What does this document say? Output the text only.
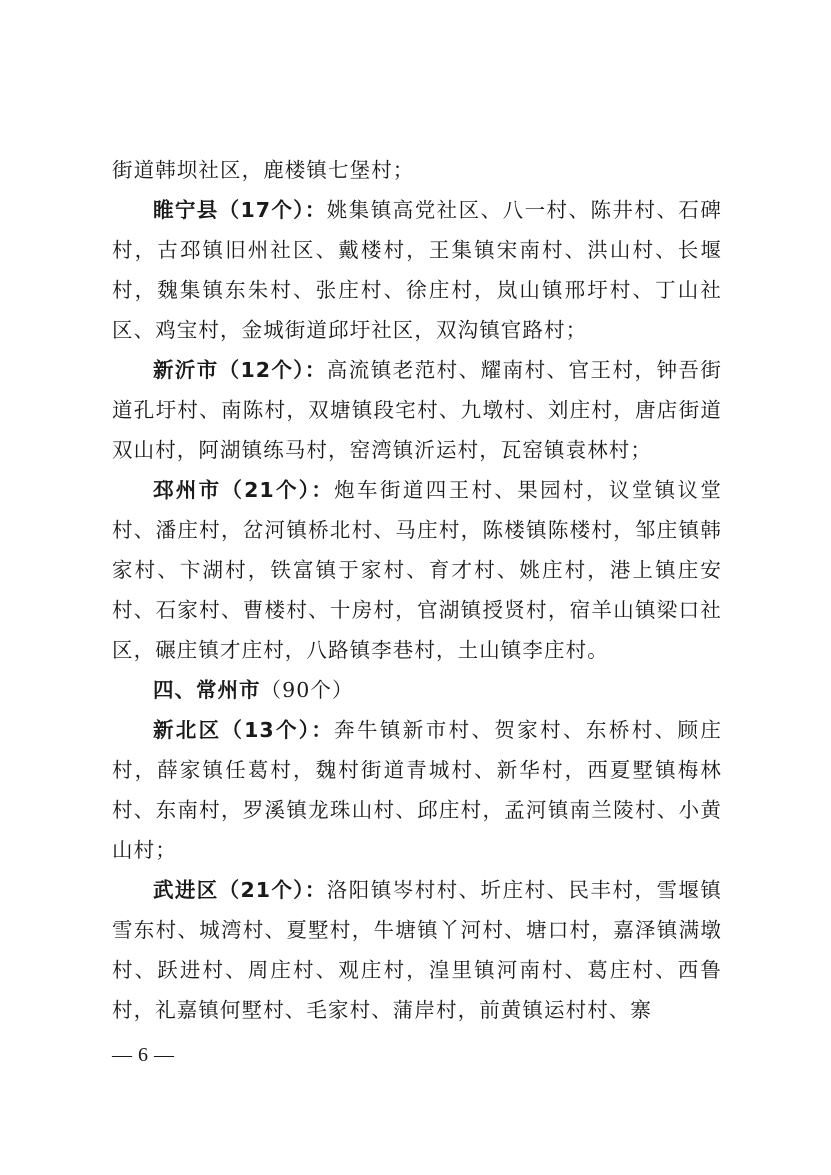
街道韩坝社区，鹿楼镇七堡村；

睢宁县（17个）：姚集镇高党社区、八一村、陈井村、石碑村，古邳镇旧州社区、戴楼村，王集镇宋南村、洪山村、长堰村，魏集镇东朱村、张庄村、徐庄村，岚山镇邢圩村、丁山社区、鸡宝村，金城街道邱圩社区，双沟镇官路村；

新沂市（12个）：高流镇老范村、耀南村、官王村，钟吾街道孔圩村、南陈村，双塘镇段宅村、九墩村、刘庄村，唐店街道双山村，阿湖镇练马村，窑湾镇沂运村，瓦窑镇袁林村；

邳州市（21个）：炮车街道四王村、果园村，议堂镇议堂村、潘庄村，岔河镇桥北村、马庄村，陈楼镇陈楼村，邹庄镇韩家村、卞湖村，铁富镇于家村、育才村、姚庄村，港上镇庄安村、石家村、曹楼村、十房村，官湖镇授贤村，宿羊山镇梁口社区，碾庄镇才庄村，八路镇李巷村，土山镇李庄村。

四、常州市（90个）

新北区（13个）：奔牛镇新市村、贺家村、东桥村、顾庄村，薛家镇任葛村，魏村街道青城村、新华村，西夏墅镇梅林村、东南村，罗溪镇龙珠山村、邱庄村，孟河镇南兰陵村、小黄山村；

武进区（21个）：洛阳镇岑村村、圻庄村、民丰村，雪堰镇雪东村、城湾村、夏墅村，牛塘镇丫河村、塘口村，嘉泽镇满墩村、跃进村、周庄村、观庄村，湟里镇河南村、葛庄村、西鲁村，礼嘉镇何墅村、毛家村、蒲岸村，前黄镇运村村、寨

— 6 —
